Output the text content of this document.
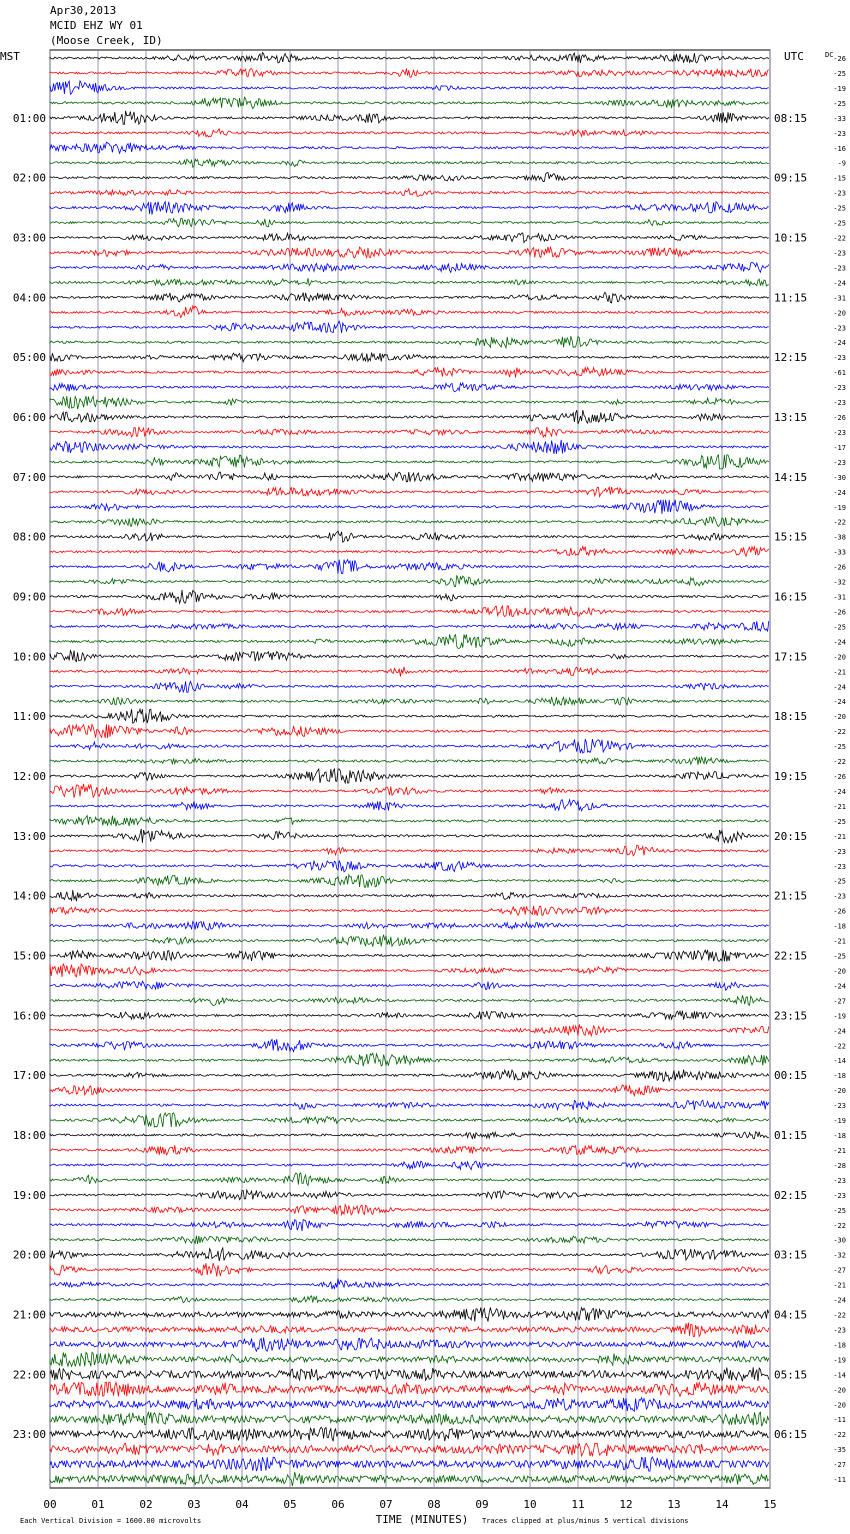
Apr30,2013
MCID EHZ WY 01
(Moose Creek, ID)
MST	UTC	DC
01:00
02:00
03:00
04:00
05:00
06:00
07:00
08:00
09:00
10:00
11:00
12:00
13:00
14:00
15:00
16:00
17:00
18:00
19:00
20:00
21:00
22:00
23:00
08:15
09:15
10:15
11:15
12:15
13:15
14:15
15:15
16:15
17:15
18:15
19:15
20:15
21:15
22:15
23:15
00:15
01:15
02:15
03:15
04:15
05:15
06:15
-26
-25
-19
-25
-33
-23
-16
-9
-15
-23
-25
-25
-22
-23
-23
-24
-31
-20
-23
-24
-23
-61
-23
-23
-26
-23
-17
-23
-30
-24
-19
-22
-38
-33
-26
-32
-31
-26
-25
-24
-20
-21
-24
-24
-20
-22
-25
-22
-26
-24
-21
-25
-21
-23
-23
-25
-23
-26
-18
-21
-25
-20
-24
-27
-19
-24
-22
-14
-18
-20
-23
-19
-18
-21
-28
-23
-23
-25
-22
-30
-32
-27
-21
-24
-22
-23
-18
-19
-14
-20
-20
-11
-22
-35
-27
-11
00	01	02	03	04	05	06	07	08	09	10	11	12	13	14	15
TIME (MINUTES)
Each Vertical Division = 1600.00 microvolts	Traces clipped at plus/minus 5 vertical divisions
